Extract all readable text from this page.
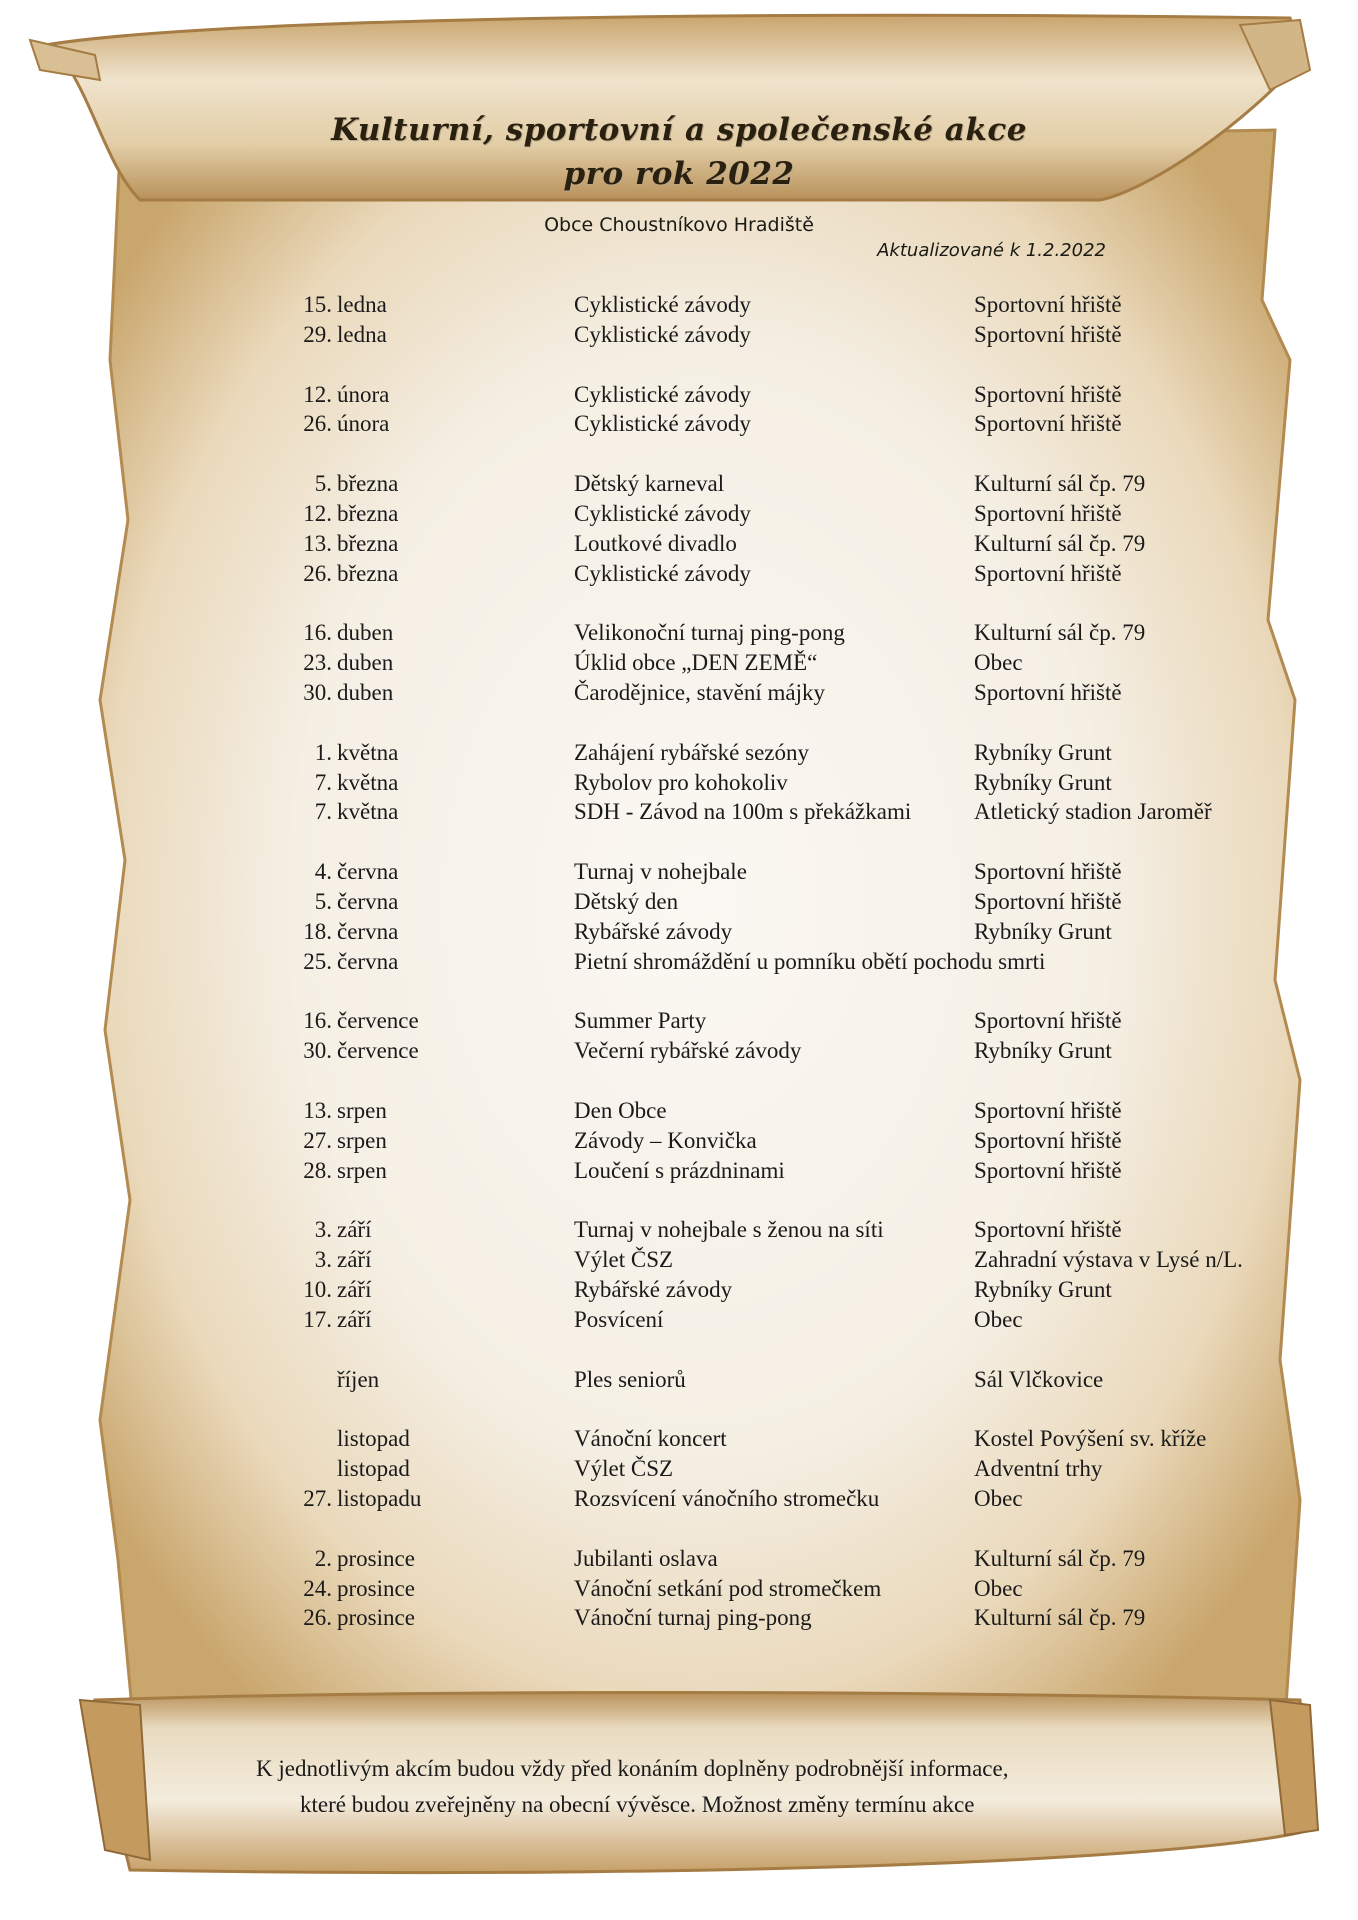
Kulturní, sportovní a společenské akce
pro rok 2022
Obce Choustníkovo Hradiště
Aktualizované k 1.2.2022
15. ledna	Cyklistické závody	Sportovní hřiště
29. ledna	Cyklistické závody	Sportovní hřiště
12. února	Cyklistické závody	Sportovní hřiště
26. února	Cyklistické závody	Sportovní hřiště
5. března	Dětský karneval	Kulturní sál čp. 79
12. března	Cyklistické závody	Sportovní hřiště
13. března	Loutkové divadlo	Kulturní sál čp. 79
26. března	Cyklistické závody	Sportovní hřiště
16. duben	Velikonoční turnaj ping-pong	Kulturní sál čp. 79
23. duben	Úklid obce „DEN ZEMĚ“	Obec
30. duben	Čarodějnice, stavění májky	Sportovní hřiště
1. května	Zahájení rybářské sezóny	Rybníky Grunt
7. května	Rybolov pro kohokoliv	Rybníky Grunt
7. května	SDH - Závod na 100m s překážkami	Atletický stadion Jaroměř
4. června	Turnaj v nohejbale	Sportovní hřiště
5. června	Dětský den	Sportovní hřiště
18. června	Rybářské závody	Rybníky Grunt
25. června	Pietní shromáždění u pomníku obětí pochodu smrti
16. července	Summer Party	Sportovní hřiště
30. července	Večerní rybářské závody	Rybníky Grunt
13. srpen	Den Obce	Sportovní hřiště
27. srpen	Závody – Konvička	Sportovní hřiště
28. srpen	Loučení s prázdninami	Sportovní hřiště
3. září	Turnaj v nohejbale s ženou na síti	Sportovní hřiště
3. září	Výlet ČSZ	Zahradní výstava v Lysé n/L.
10. září	Rybářské závody	Rybníky Grunt
17. září	Posvícení	Obec
říjen	Ples seniorů	Sál Vlčkovice
listopad	Vánoční koncert	Kostel Povýšení sv. kříže
listopad	Výlet ČSZ	Adventní trhy
27. listopadu	Rozsvícení vánočního stromečku	Obec
2. prosince	Jubilanti oslava	Kulturní sál čp. 79
24. prosince	Vánoční setkání pod stromečkem	Obec
26. prosince	Vánoční turnaj ping-pong	Kulturní sál čp. 79
K jednotlivým akcím budou vždy před konáním doplněny podrobnější informace,
které budou zveřejněny na obecní vývěsce. Možnost změny termínu akce
